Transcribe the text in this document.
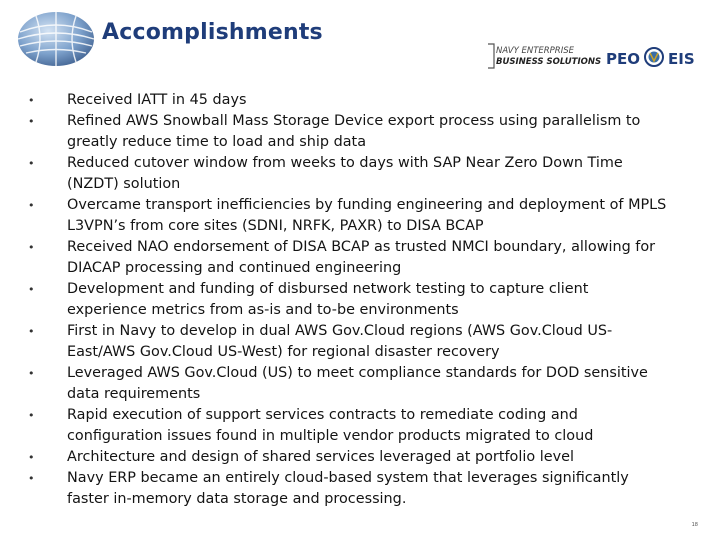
Accomplishments
NAVY ENTERPRISE
BUSINESS SOLUTIONS PEO EIS
• Received IATT in 45 days
• Refined AWS Snowball Mass Storage Device export process using parallelism to greatly reduce time to load and ship data
• Reduced cutover window from weeks to days with SAP Near Zero Down Time (NZDT) solution
• Overcame transport inefficiencies by funding engineering and deployment of MPLS L3VPN’s from core sites (SDNI, NRFK, PAXR) to DISA BCAP
• Received NAO endorsement of DISA BCAP as trusted NMCI boundary, allowing for DIACAP processing and continued engineering
• Development and funding of disbursed network testing to capture client experience metrics from as-is and to-be environments
• First in Navy to develop in dual AWS Gov.Cloud regions (AWS Gov.Cloud US-East/AWS Gov.Cloud US-West) for regional disaster recovery
• Leveraged AWS Gov.Cloud (US) to meet compliance standards for DOD sensitive data requirements
• Rapid execution of support services contracts to remediate coding and configuration issues found in multiple vendor products migrated to cloud
• Architecture and design of shared services leveraged at portfolio level
• Navy ERP became an entirely cloud-based system that leverages significantly faster in-memory data storage and processing.
18
